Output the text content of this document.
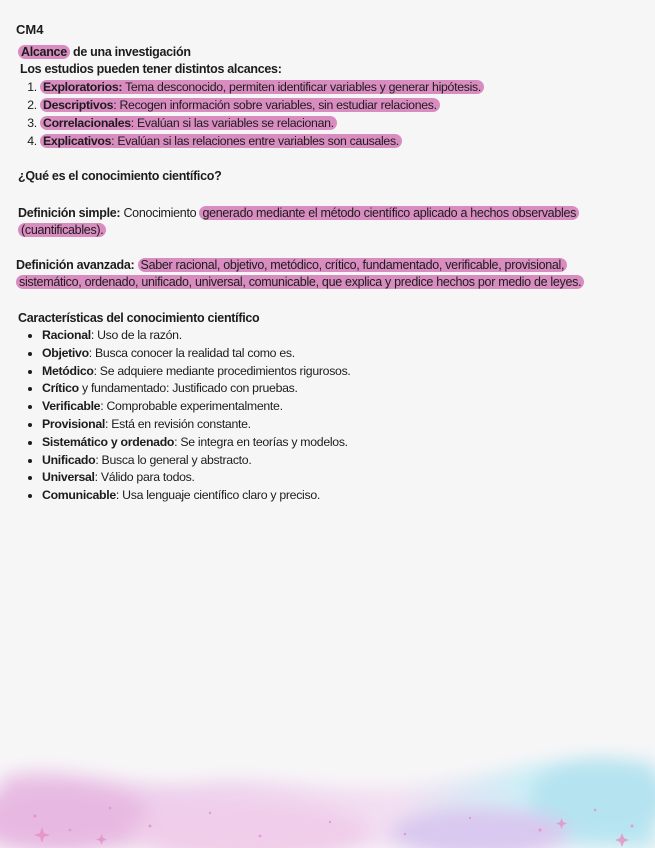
CM4
Alcance de una investigación
Los estudios pueden tener distintos alcances:
1. Exploratorios: Tema desconocido, permiten identificar variables y generar hipótesis.
2. Descriptivos: Recogen información sobre variables, sin estudiar relaciones.
3. Correlacionales: Evalúan si las variables se relacionan.
4. Explicativos: Evalúan si las relaciones entre variables son causales.
¿Qué es el conocimiento científico?
Definición simple: Conocimiento generado mediante el método científico aplicado a hechos observables (cuantificables).
Definición avanzada: Saber racional, objetivo, metódico, crítico, fundamentado, verificable, provisional, sistemático, ordenado, unificado, universal, comunicable, que explica y predice hechos por medio de leyes.
Características del conocimiento científico
• Racional: Uso de la razón.
• Objetivo: Busca conocer la realidad tal como es.
• Metódico: Se adquiere mediante procedimientos rigurosos.
• Crítico y fundamentado: Justificado con pruebas.
• Verificable: Comprobable experimentalmente.
• Provisional: Está en revisión constante.
• Sistemático y ordenado: Se integra en teorías y modelos.
• Unificado: Busca lo general y abstracto.
• Universal: Válido para todos.
• Comunicable: Usa lenguaje científico claro y preciso.
